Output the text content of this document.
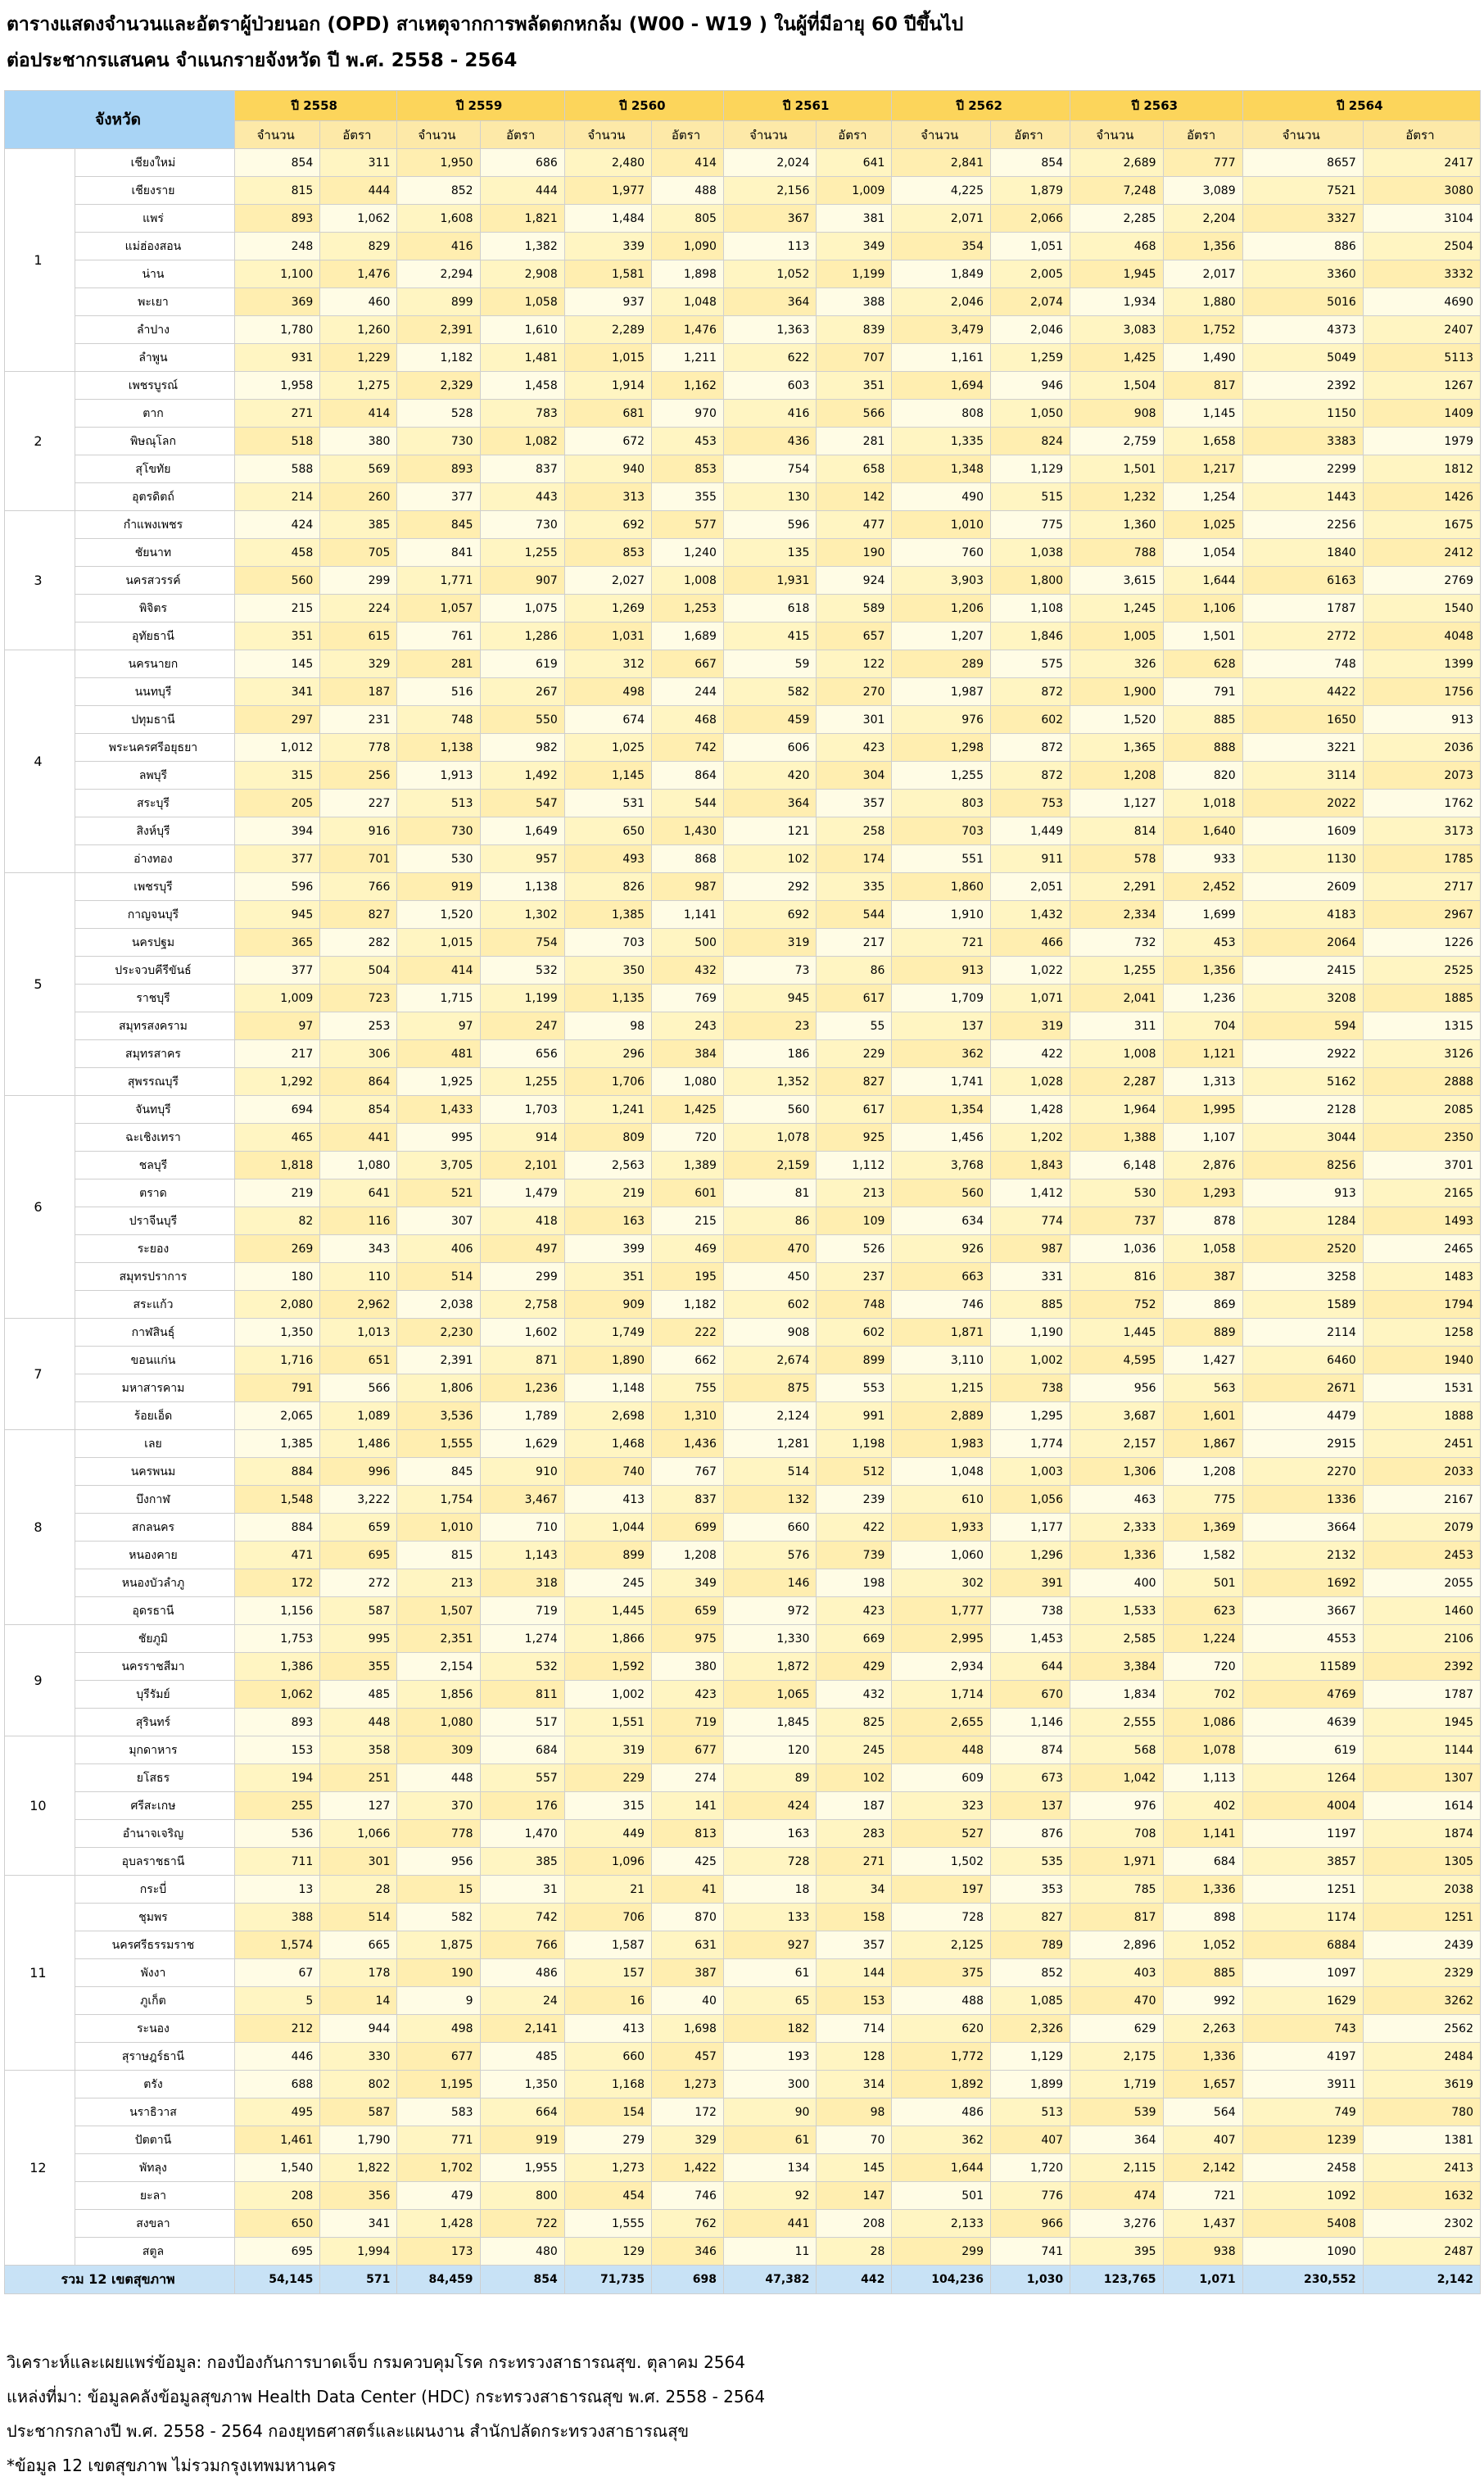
ตารางแสดงจำนวนและอัตราผู้ป่วยนอก (OPD) สาเหตุจากการพลัดตกหกล้ม (W00 - W19 ) ในผู้ที่มีอายุ 60 ปีขึ้นไป
ต่อประชากรแสนคน จำแนกรายจังหวัด ปี พ.ศ. 2558 - 2564
จังหวัด		ปี 2558		ปี 2559		ปี 2560		ปี 2561		ปี 2562		ปี 2563		ปี 2564	
		จำนวน	อัตรา	จำนวน	อัตรา	จำนวน	อัตรา	จำนวน	อัตรา	จำนวน	อัตรา	จำนวน	อัตรา	จำนวน	อัตรา
1	เชียงใหม่	854	311	1,950	686	2,480	414	2,024	641	2,841	854	2,689	777	8657	2417
	เชียงราย	815	444	852	444	1,977	488	2,156	1,009	4,225	1,879	7,248	3,089	7521	3080
	แพร่	893	1,062	1,608	1,821	1,484	805	367	381	2,071	2,066	2,285	2,204	3327	3104
	แม่ฮ่องสอน	248	829	416	1,382	339	1,090	113	349	354	1,051	468	1,356	886	2504
	น่าน	1,100	1,476	2,294	2,908	1,581	1,898	1,052	1,199	1,849	2,005	1,945	2,017	3360	3332
	พะเยา	369	460	899	1,058	937	1,048	364	388	2,046	2,074	1,934	1,880	5016	4690
	ลำปาง	1,780	1,260	2,391	1,610	2,289	1,476	1,363	839	3,479	2,046	3,083	1,752	4373	2407
	ลำพูน	931	1,229	1,182	1,481	1,015	1,211	622	707	1,161	1,259	1,425	1,490	5049	5113
2	เพชรบูรณ์	1,958	1,275	2,329	1,458	1,914	1,162	603	351	1,694	946	1,504	817	2392	1267
	ตาก	271	414	528	783	681	970	416	566	808	1,050	908	1,145	1150	1409
	พิษณุโลก	518	380	730	1,082	672	453	436	281	1,335	824	2,759	1,658	3383	1979
	สุโขทัย	588	569	893	837	940	853	754	658	1,348	1,129	1,501	1,217	2299	1812
	อุตรดิตถ์	214	260	377	443	313	355	130	142	490	515	1,232	1,254	1443	1426
3	กำแพงเพชร	424	385	845	730	692	577	596	477	1,010	775	1,360	1,025	2256	1675
	ชัยนาท	458	705	841	1,255	853	1,240	135	190	760	1,038	788	1,054	1840	2412
	นครสวรรค์	560	299	1,771	907	2,027	1,008	1,931	924	3,903	1,800	3,615	1,644	6163	2769
	พิจิตร	215	224	1,057	1,075	1,269	1,253	618	589	1,206	1,108	1,245	1,106	1787	1540
	อุทัยธานี	351	615	761	1,286	1,031	1,689	415	657	1,207	1,846	1,005	1,501	2772	4048
4	นครนายก	145	329	281	619	312	667	59	122	289	575	326	628	748	1399
	นนทบุรี	341	187	516	267	498	244	582	270	1,987	872	1,900	791	4422	1756
	ปทุมธานี	297	231	748	550	674	468	459	301	976	602	1,520	885	1650	913
	พระนครศรีอยุธยา	1,012	778	1,138	982	1,025	742	606	423	1,298	872	1,365	888	3221	2036
	ลพบุรี	315	256	1,913	1,492	1,145	864	420	304	1,255	872	1,208	820	3114	2073
	สระบุรี	205	227	513	547	531	544	364	357	803	753	1,127	1,018	2022	1762
	สิงห์บุรี	394	916	730	1,649	650	1,430	121	258	703	1,449	814	1,640	1609	3173
	อ่างทอง	377	701	530	957	493	868	102	174	551	911	578	933	1130	1785
5	เพชรบุรี	596	766	919	1,138	826	987	292	335	1,860	2,051	2,291	2,452	2609	2717
	กาญจนบุรี	945	827	1,520	1,302	1,385	1,141	692	544	1,910	1,432	2,334	1,699	4183	2967
	นครปฐม	365	282	1,015	754	703	500	319	217	721	466	732	453	2064	1226
	ประจวบคีรีขันธ์	377	504	414	532	350	432	73	86	913	1,022	1,255	1,356	2415	2525
	ราชบุรี	1,009	723	1,715	1,199	1,135	769	945	617	1,709	1,071	2,041	1,236	3208	1885
	สมุทรสงคราม	97	253	97	247	98	243	23	55	137	319	311	704	594	1315
	สมุทรสาคร	217	306	481	656	296	384	186	229	362	422	1,008	1,121	2922	3126
	สุพรรณบุรี	1,292	864	1,925	1,255	1,706	1,080	1,352	827	1,741	1,028	2,287	1,313	5162	2888
6	จันทบุรี	694	854	1,433	1,703	1,241	1,425	560	617	1,354	1,428	1,964	1,995	2128	2085
	ฉะเชิงเทรา	465	441	995	914	809	720	1,078	925	1,456	1,202	1,388	1,107	3044	2350
	ชลบุรี	1,818	1,080	3,705	2,101	2,563	1,389	2,159	1,112	3,768	1,843	6,148	2,876	8256	3701
	ตราด	219	641	521	1,479	219	601	81	213	560	1,412	530	1,293	913	2165
	ปราจีนบุรี	82	116	307	418	163	215	86	109	634	774	737	878	1284	1493
	ระยอง	269	343	406	497	399	469	470	526	926	987	1,036	1,058	2520	2465
	สมุทรปราการ	180	110	514	299	351	195	450	237	663	331	816	387	3258	1483
	สระแก้ว	2,080	2,962	2,038	2,758	909	1,182	602	748	746	885	752	869	1589	1794
7	กาฬสินธุ์	1,350	1,013	2,230	1,602	1,749	222	908	602	1,871	1,190	1,445	889	2114	1258
	ขอนแก่น	1,716	651	2,391	871	1,890	662	2,674	899	3,110	1,002	4,595	1,427	6460	1940
	มหาสารคาม	791	566	1,806	1,236	1,148	755	875	553	1,215	738	956	563	2671	1531
	ร้อยเอ็ด	2,065	1,089	3,536	1,789	2,698	1,310	2,124	991	2,889	1,295	3,687	1,601	4479	1888
8	เลย	1,385	1,486	1,555	1,629	1,468	1,436	1,281	1,198	1,983	1,774	2,157	1,867	2915	2451
	นครพนม	884	996	845	910	740	767	514	512	1,048	1,003	1,306	1,208	2270	2033
	บึงกาฬ	1,548	3,222	1,754	3,467	413	837	132	239	610	1,056	463	775	1336	2167
	สกลนคร	884	659	1,010	710	1,044	699	660	422	1,933	1,177	2,333	1,369	3664	2079
	หนองคาย	471	695	815	1,143	899	1,208	576	739	1,060	1,296	1,336	1,582	2132	2453
	หนองบัวลำภู	172	272	213	318	245	349	146	198	302	391	400	501	1692	2055
	อุดรธานี	1,156	587	1,507	719	1,445	659	972	423	1,777	738	1,533	623	3667	1460
9	ชัยภูมิ	1,753	995	2,351	1,274	1,866	975	1,330	669	2,995	1,453	2,585	1,224	4553	2106
	นครราชสีมา	1,386	355	2,154	532	1,592	380	1,872	429	2,934	644	3,384	720	11589	2392
	บุรีรัมย์	1,062	485	1,856	811	1,002	423	1,065	432	1,714	670	1,834	702	4769	1787
	สุรินทร์	893	448	1,080	517	1,551	719	1,845	825	2,655	1,146	2,555	1,086	4639	1945
10	มุกดาหาร	153	358	309	684	319	677	120	245	448	874	568	1,078	619	1144
	ยโสธร	194	251	448	557	229	274	89	102	609	673	1,042	1,113	1264	1307
	ศรีสะเกษ	255	127	370	176	315	141	424	187	323	137	976	402	4004	1614
	อำนาจเจริญ	536	1,066	778	1,470	449	813	163	283	527	876	708	1,141	1197	1874
	อุบลราชธานี	711	301	956	385	1,096	425	728	271	1,502	535	1,971	684	3857	1305
11	กระบี่	13	28	15	31	21	41	18	34	197	353	785	1,336	1251	2038
	ชุมพร	388	514	582	742	706	870	133	158	728	827	817	898	1174	1251
	นครศรีธรรมราช	1,574	665	1,875	766	1,587	631	927	357	2,125	789	2,896	1,052	6884	2439
	พังงา	67	178	190	486	157	387	61	144	375	852	403	885	1097	2329
	ภูเก็ต	5	14	9	24	16	40	65	153	488	1,085	470	992	1629	3262
	ระนอง	212	944	498	2,141	413	1,698	182	714	620	2,326	629	2,263	743	2562
	สุราษฎร์ธานี	446	330	677	485	660	457	193	128	1,772	1,129	2,175	1,336	4197	2484
12	ตรัง	688	802	1,195	1,350	1,168	1,273	300	314	1,892	1,899	1,719	1,657	3911	3619
	นราธิวาส	495	587	583	664	154	172	90	98	486	513	539	564	749	780
	ปัตตานี	1,461	1,790	771	919	279	329	61	70	362	407	364	407	1239	1381
	พัทลุง	1,540	1,822	1,702	1,955	1,273	1,422	134	145	1,644	1,720	2,115	2,142	2458	2413
	ยะลา	208	356	479	800	454	746	92	147	501	776	474	721	1092	1632
	สงขลา	650	341	1,428	722	1,555	762	441	208	2,133	966	3,276	1,437	5408	2302
	สตูล	695	1,994	173	480	129	346	11	28	299	741	395	938	1090	2487
รวม 12 เขตสุขภาพ		54,145	571	84,459	854	71,735	698	47,382	442	104,236	1,030	123,765	1,071	230,552	2,142
วิเคราะห์และเผยแพร่ข้อมูล: กองป้องกันการบาดเจ็บ กรมควบคุมโรค กระทรวงสาธารณสุข. ตุลาคม 2564
แหล่งที่มา: ข้อมูลคลังข้อมูลสุขภาพ Health Data Center (HDC) กระทรวงสาธารณสุข พ.ศ. 2558 - 2564
ประชากรกลางปี พ.ศ. 2558 - 2564 กองยุทธศาสตร์และแผนงาน สำนักปลัดกระทรวงสาธารณสุข
*ข้อมูล 12 เขตสุขภาพ ไม่รวมกรุงเทพมหานคร
